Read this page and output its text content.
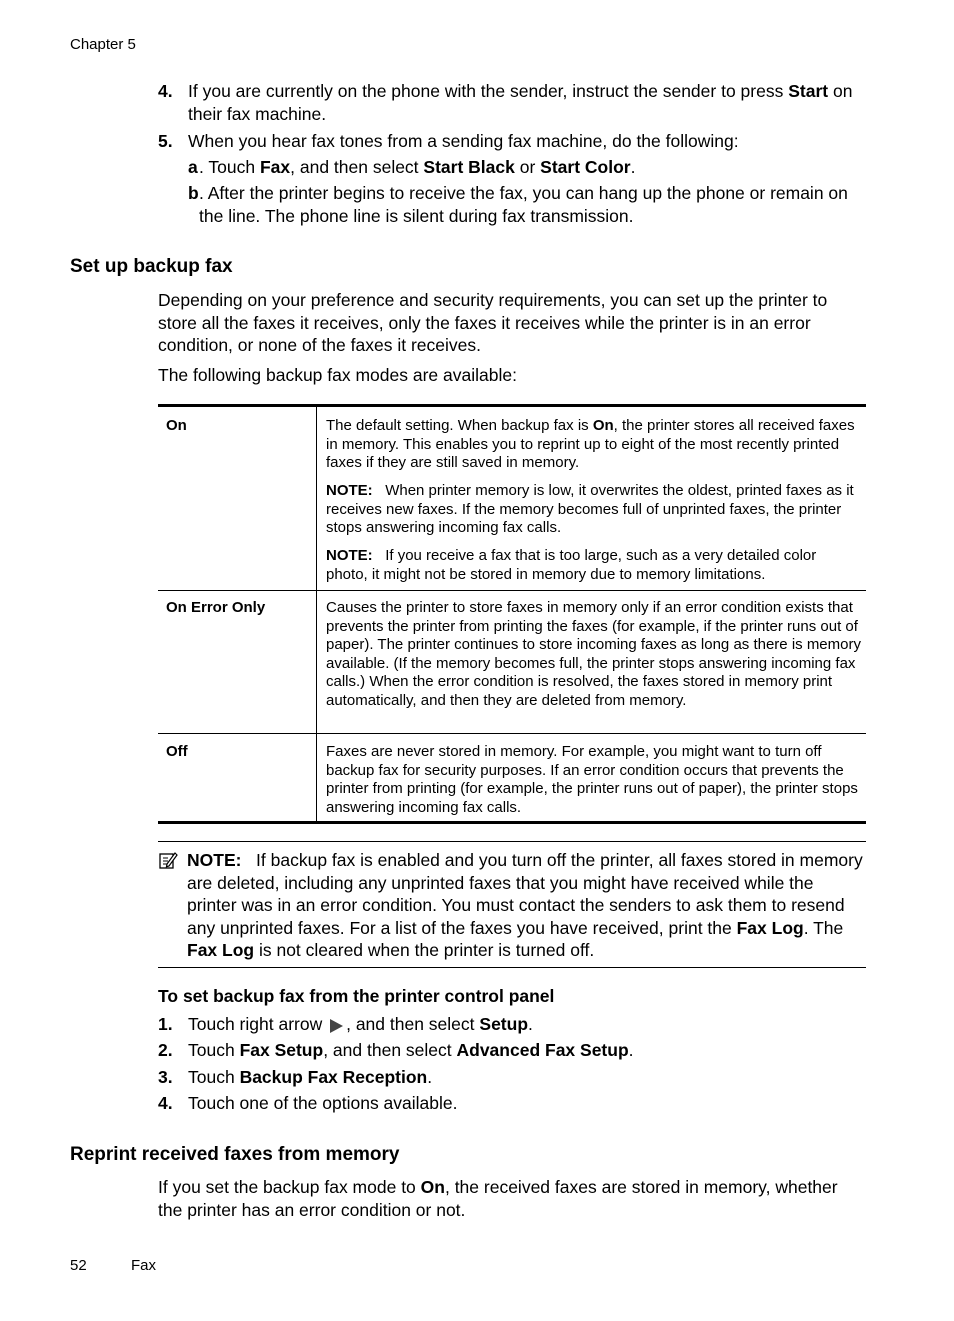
Chapter 5
4. If you are currently on the phone with the sender, instruct the sender to press Start on their fax machine.
5. When you hear fax tones from a sending fax machine, do the following:
a . Touch Fax, and then select Start Black or Start Color.
b . After the printer begins to receive the fax, you can hang up the phone or remain on the line. The phone line is silent during fax transmission.
Set up backup fax
Depending on your preference and security requirements, you can set up the printer to store all the faxes it receives, only the faxes it receives while the printer is in an error condition, or none of the faxes it receives.
The following backup fax modes are available:
On	The default setting. When backup fax is On, the printer stores all received faxes in memory. This enables you to reprint up to eight of the most recently printed faxes if they are still saved in memory.
NOTE: When printer memory is low, it overwrites the oldest, printed faxes as it receives new faxes. If the memory becomes full of unprinted faxes, the printer stops answering incoming fax calls.
NOTE: If you receive a fax that is too large, such as a very detailed color photo, it might not be stored in memory due to memory limitations.
On Error Only	Causes the printer to store faxes in memory only if an error condition exists that prevents the printer from printing the faxes (for example, if the printer runs out of paper). The printer continues to store incoming faxes as long as there is memory available. (If the memory becomes full, the printer stops answering incoming fax calls.) When the error condition is resolved, the faxes stored in memory print automatically, and then they are deleted from memory.
Off	Faxes are never stored in memory. For example, you might want to turn off backup fax for security purposes. If an error condition occurs that prevents the printer from printing (for example, the printer runs out of paper), the printer stops answering incoming fax calls.
NOTE: If backup fax is enabled and you turn off the printer, all faxes stored in memory are deleted, including any unprinted faxes that you might have received while the printer was in an error condition. You must contact the senders to ask them to resend any unprinted faxes. For a list of the faxes you have received, print the Fax Log. The Fax Log is not cleared when the printer is turned off.
To set backup fax from the printer control panel
1. Touch right arrow , and then select Setup.
2. Touch Fax Setup, and then select Advanced Fax Setup.
3. Touch Backup Fax Reception.
4. Touch one of the options available.
Reprint received faxes from memory
If you set the backup fax mode to On, the received faxes are stored in memory, whether the printer has an error condition or not.
52	Fax
